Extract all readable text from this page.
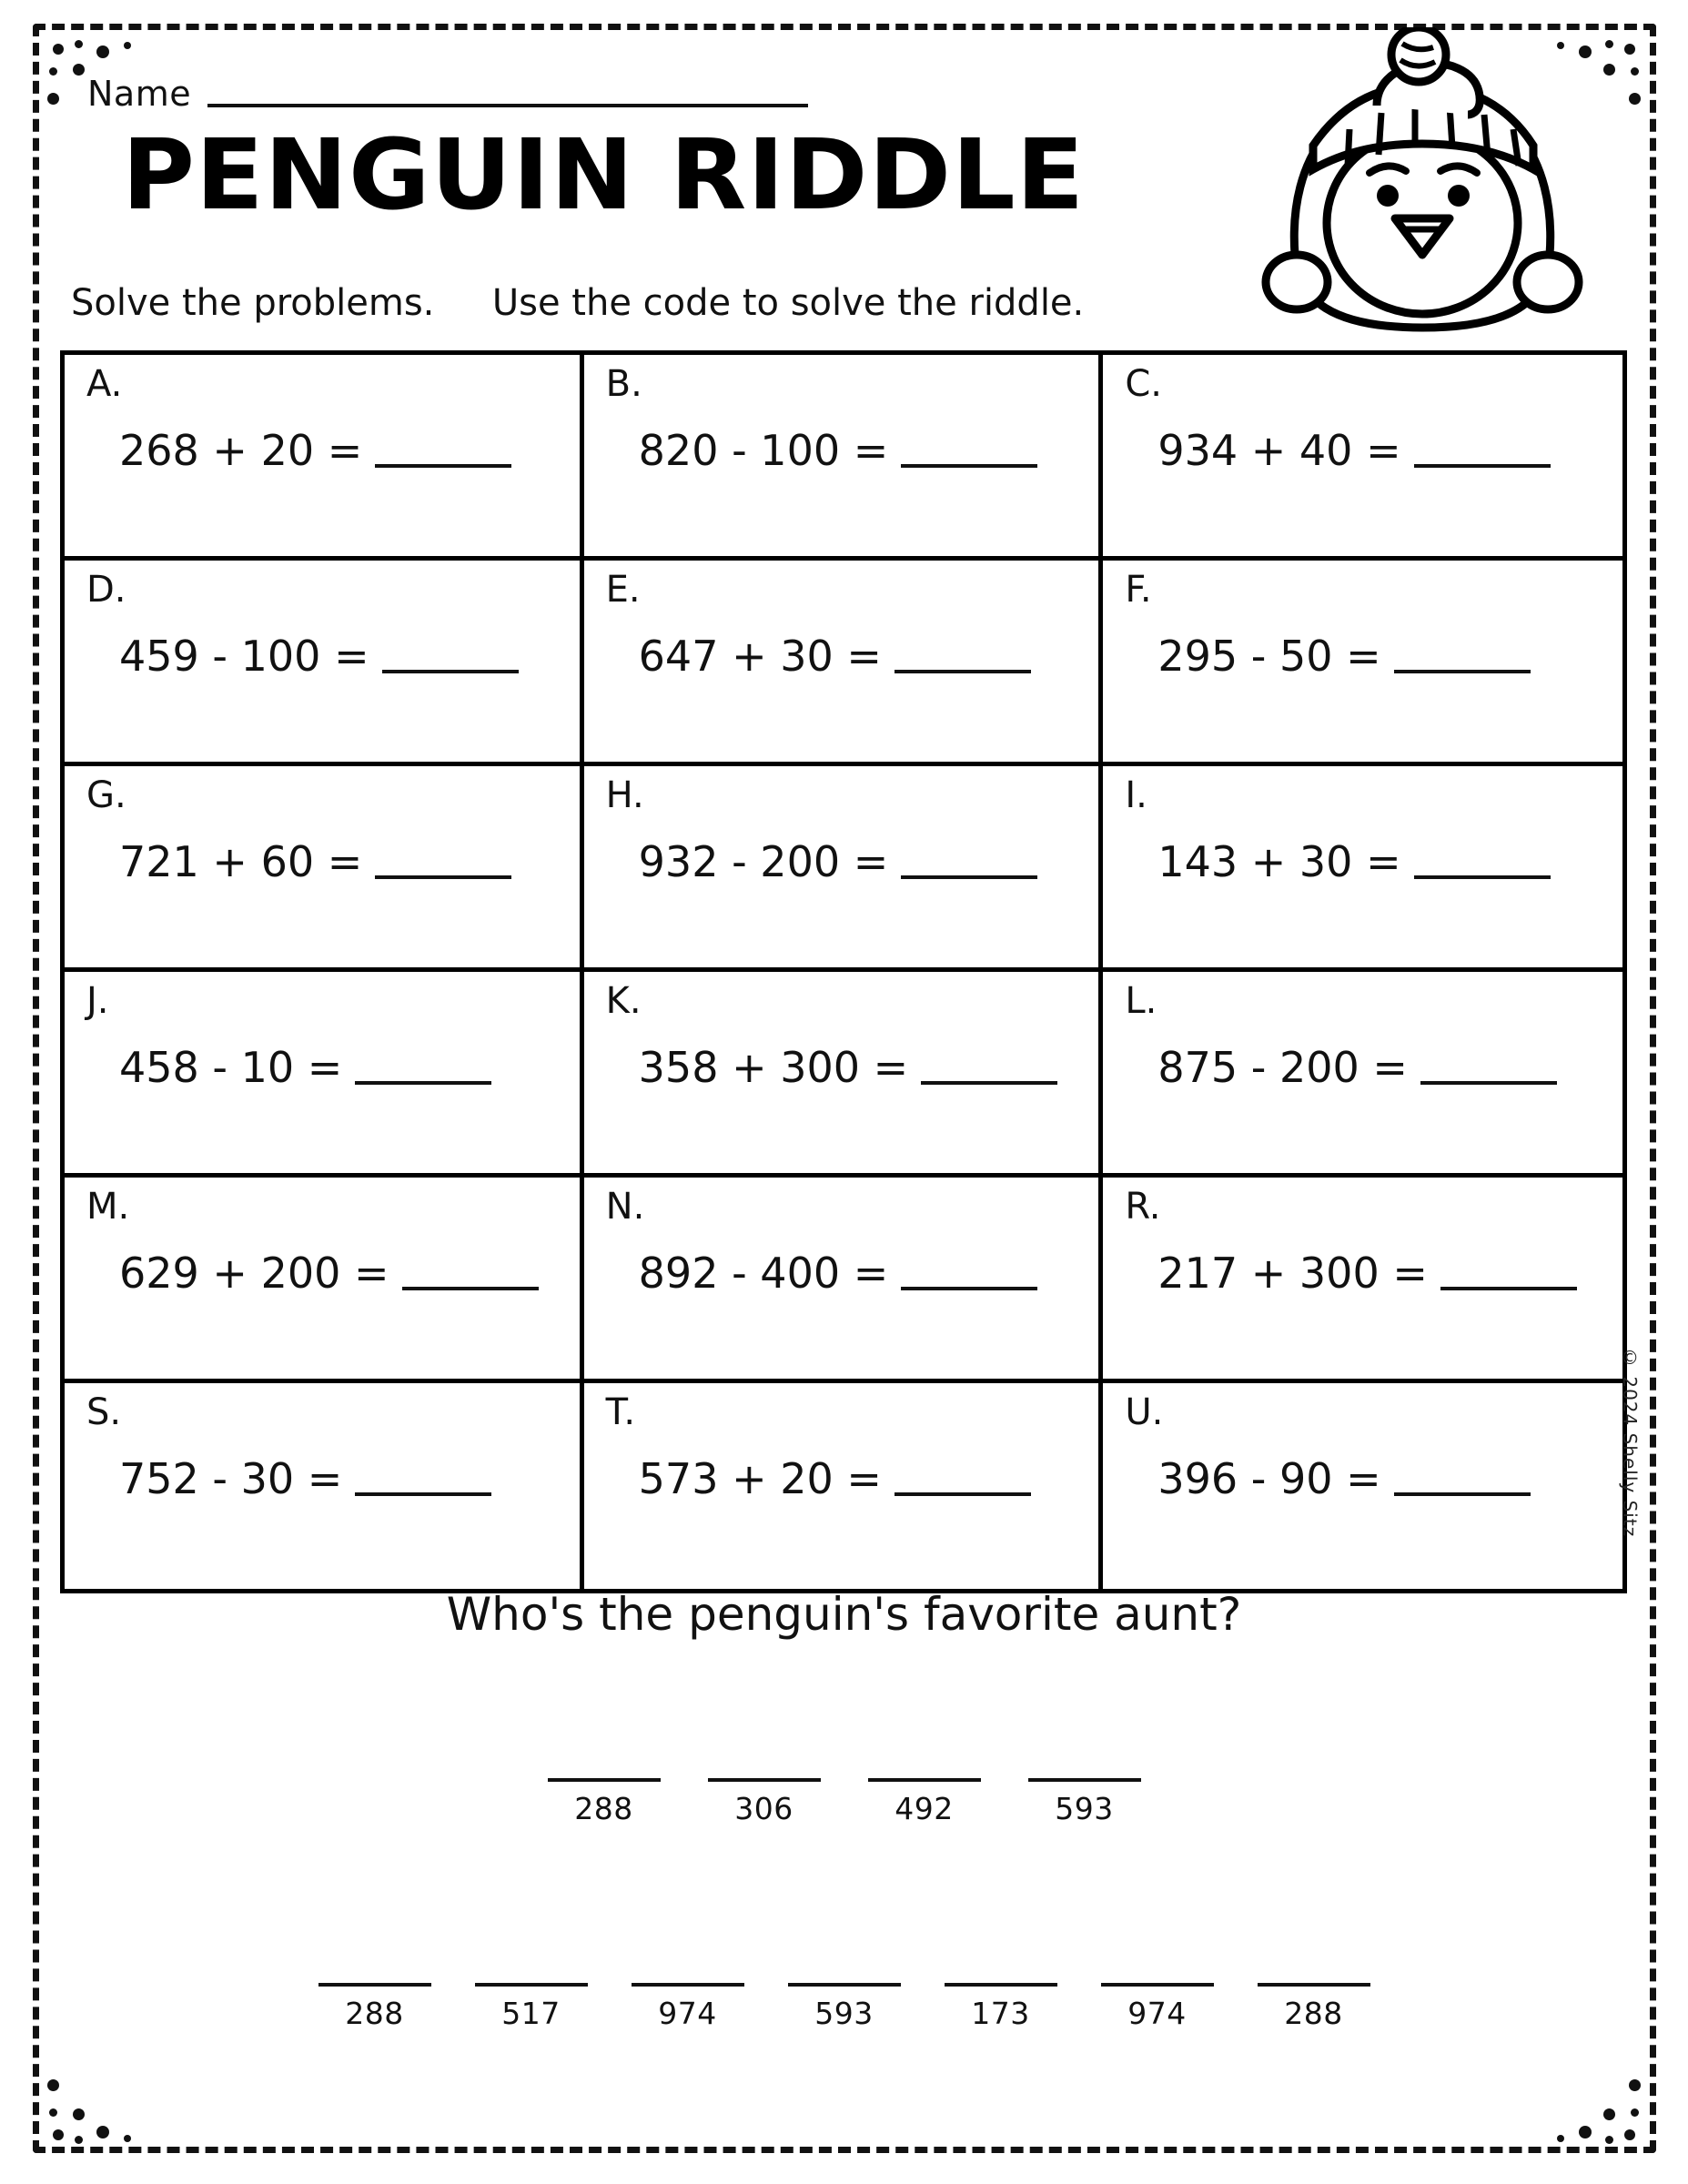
Name
PENGUIN RIDDLE
Solve the problems. Use the code to solve the riddle.
A.
268 + 20 =
B.
820 - 100 =
C.
934 + 40 =
D.
459 - 100 =
E.
647 + 30 =
F.
295 - 50 =
G.
721 + 60 =
H.
932 - 200 =
I.
143 + 30 =
J.
458 - 10 =
K.
358 + 300 =
L.
875 - 200 =
M.
629 + 200 =
N.
892 - 400 =
R.
217 + 300 =
S.
752 - 30 =
T.
573 + 20 =
U.
396 - 90 =	© 2024 Shelly Sitz
Who's the penguin's favorite aunt?
288	306	492	593
288	517	974	593	173	974	288
